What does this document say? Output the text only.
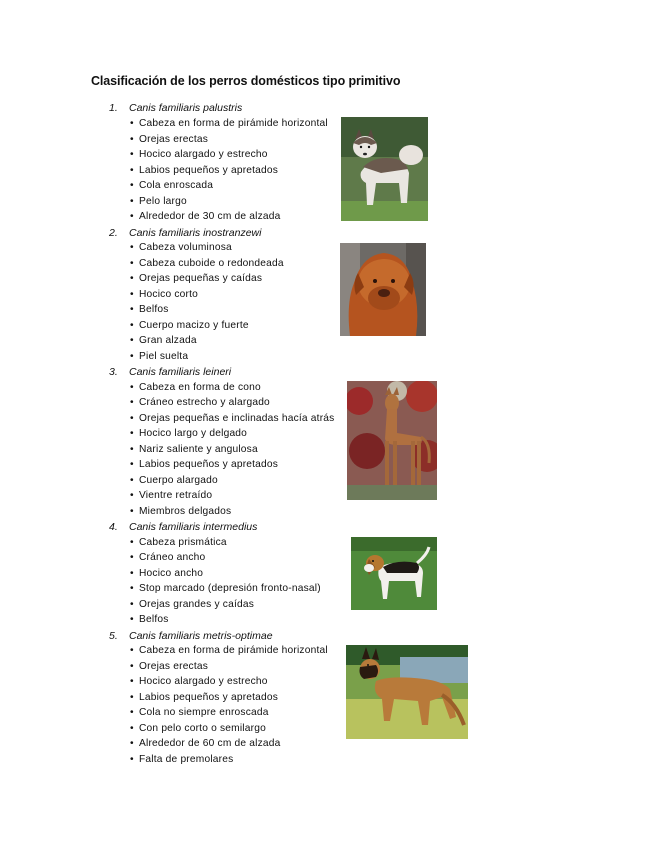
Clasificación de los perros domésticos tipo primitivo
1. Canis familiaris palustris
• Cabeza en forma de pirámide horizontal
• Orejas erectas
• Hocico alargado y estrecho
• Labios pequeños y apretados
• Cola enroscada
• Pelo largo
• Alrededor de 30 cm de alzada
2. Canis familiaris inostranzewi
• Cabeza voluminosa
• Cabeza cuboide o redondeada
• Orejas pequeñas y caídas
• Hocico corto
• Belfos
• Cuerpo macizo y fuerte
• Gran alzada
• Piel suelta
3. Canis familiaris leineri
• Cabeza en forma de cono
• Cráneo estrecho y alargado
• Orejas pequeñas e inclinadas hacía atrás
• Hocico largo y delgado
• Nariz saliente y angulosa
• Labios pequeños y apretados
• Cuerpo alargado
• Vientre retraído
• Miembros delgados
4. Canis familiaris intermedius
• Cabeza prismática
• Cráneo ancho
• Hocico ancho
• Stop marcado (depresión fronto-nasal)
• Orejas grandes y caídas
• Belfos
5. Canis familiaris metris-optimae
• Cabeza en forma de pirámide horizontal
• Orejas erectas
• Hocico alargado y estrecho
• Labios pequeños y apretados
• Cola no siempre enroscada
• Con pelo corto o semilargo
• Alrededor de 60 cm de alzada
• Falta de premolares
